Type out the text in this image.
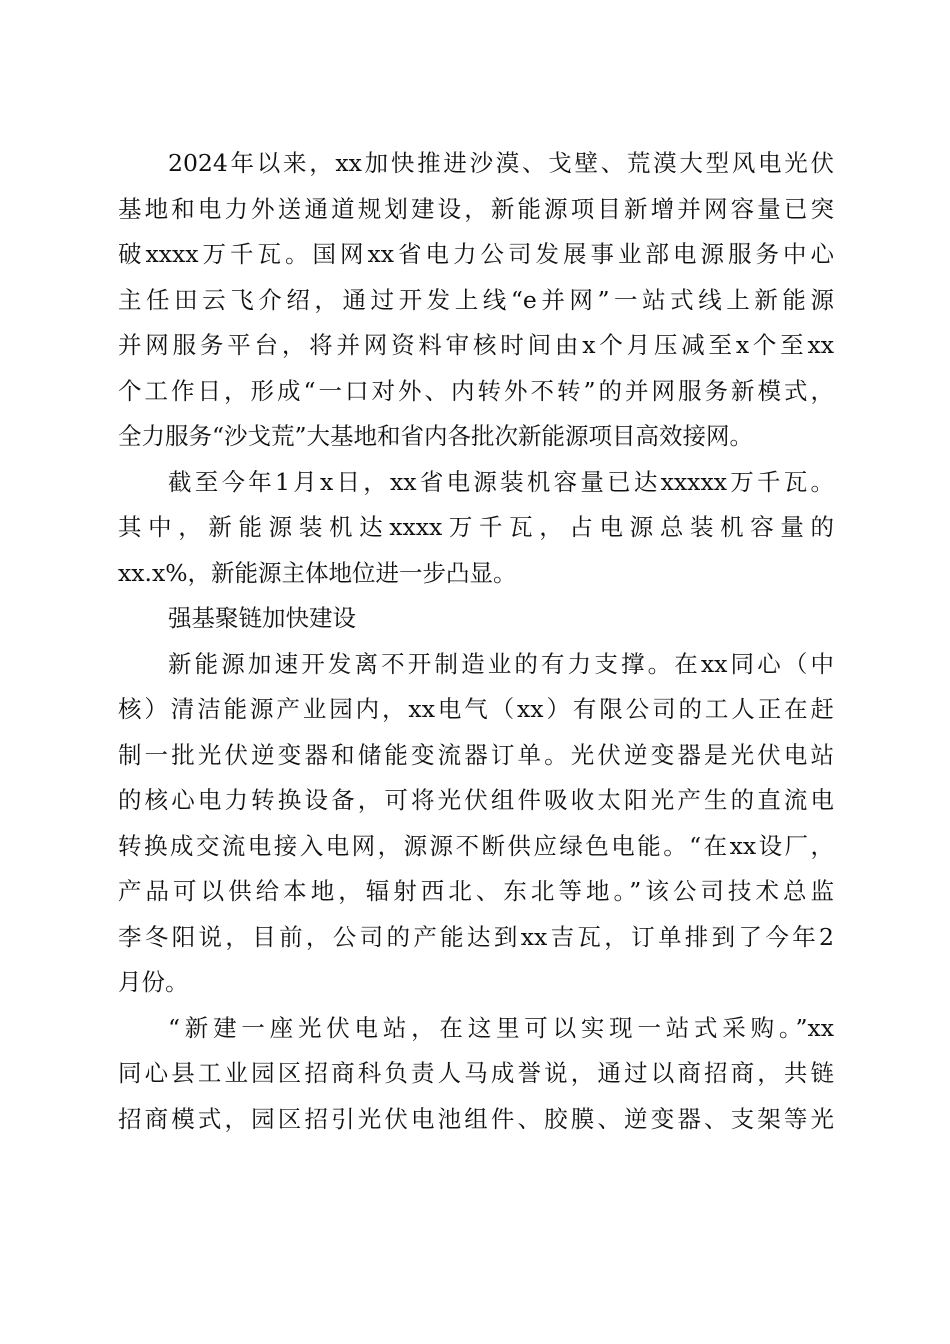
2024年以来，xx加快推进沙漠、戈壁、荒漠大型风电光伏
基地和电力外送通道规划建设，新能源项目新增并网容量已突
破xxxx万千瓦。国网xx省电力公司发展事业部电源服务中心
主任田云飞介绍，通过开发上线“e并网”一站式线上新能源
并网服务平台，将并网资料审核时间由x个月压减至x个至xx
个工作日，形成“一口对外、内转外不转”的并网服务新模式，
全力服务“沙戈荒”大基地和省内各批次新能源项目高效接网。
截至今年1月x日，xx省电源装机容量已达xxxxx万千瓦。
其中，新能源装机达xxxx万千瓦，占电源总装机容量的
xx.x%，新能源主体地位进一步凸显。
强基聚链加快建设
新能源加速开发离不开制造业的有力支撑。在xx同心（中
核）清洁能源产业园内，xx电气（xx）有限公司的工人正在赶
制一批光伏逆变器和储能变流器订单。光伏逆变器是光伏电站
的核心电力转换设备，可将光伏组件吸收太阳光产生的直流电
转换成交流电接入电网，源源不断供应绿色电能。“在xx设厂，
产品可以供给本地，辐射西北、东北等地。”该公司技术总监
李冬阳说，目前，公司的产能达到xx吉瓦，订单排到了今年2
月份。
“新建一座光伏电站，在这里可以实现一站式采购。”xx
同心县工业园区招商科负责人马成誉说，通过以商招商，共链
招商模式，园区招引光伏电池组件、胶膜、逆变器、支架等光
